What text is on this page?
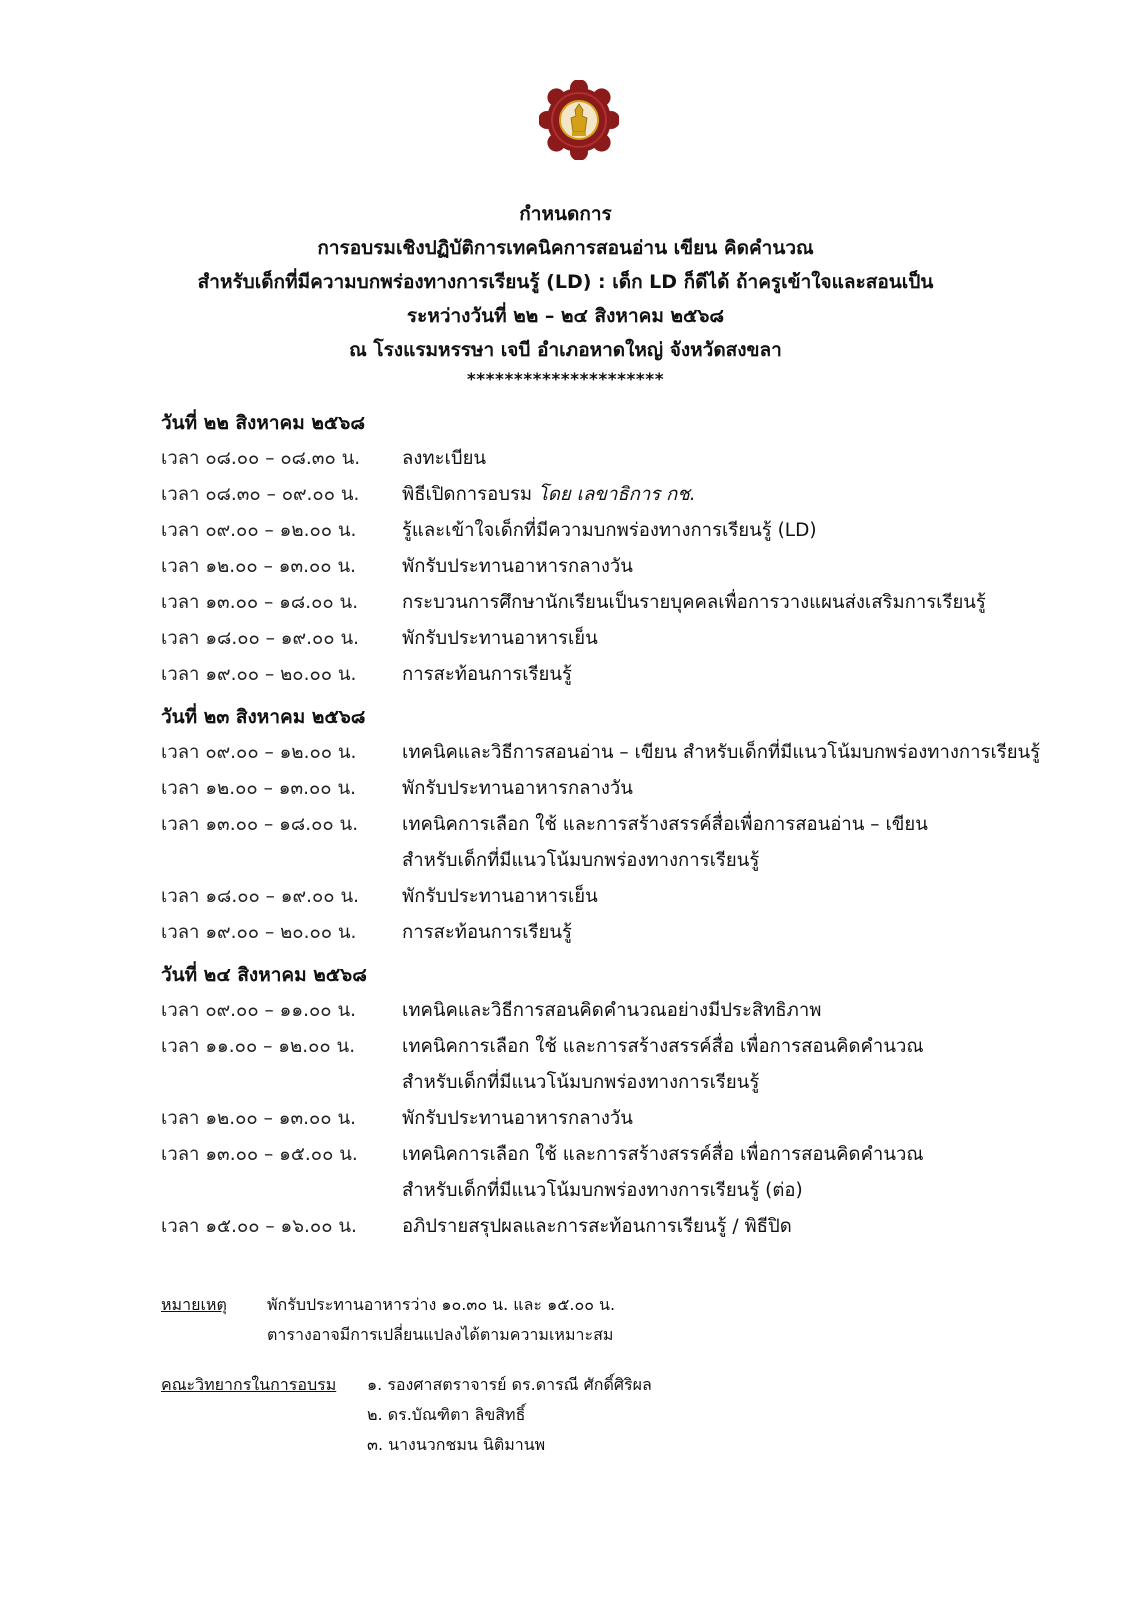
กำหนดการ
การอบรมเชิงปฏิบัติการเทคนิคการสอนอ่าน เขียน คิดคำนวณ
สำหรับเด็กที่มีความบกพร่องทางการเรียนรู้ (LD) : เด็ก LD ก็ดีได้ ถ้าครูเข้าใจและสอนเป็น
ระหว่างวันที่ ๒๒ – ๒๔ สิงหาคม ๒๕๖๘
ณ โรงแรมหรรษา เจบี อำเภอหาดใหญ่ จังหวัดสงขลา
*********************
วันที่ ๒๒ สิงหาคม ๒๕๖๘
เวลา ๐๘.๐๐ – ๐๘.๓๐ น.	ลงทะเบียน
เวลา ๐๘.๓๐ – ๐๙.๐๐ น.	พิธีเปิดการอบรม โดย เลขาธิการ กช.
เวลา ๐๙.๐๐ – ๑๒.๐๐ น.	รู้และเข้าใจเด็กที่มีความบกพร่องทางการเรียนรู้ (LD)
เวลา ๑๒.๐๐ – ๑๓.๐๐ น.	พักรับประทานอาหารกลางวัน
เวลา ๑๓.๐๐ – ๑๘.๐๐ น.	กระบวนการศึกษานักเรียนเป็นรายบุคคลเพื่อการวางแผนส่งเสริมการเรียนรู้
เวลา ๑๘.๐๐ – ๑๙.๐๐ น.	พักรับประทานอาหารเย็น
เวลา ๑๙.๐๐ – ๒๐.๐๐ น.	การสะท้อนการเรียนรู้
วันที่ ๒๓ สิงหาคม ๒๕๖๘
เวลา ๐๙.๐๐ – ๑๒.๐๐ น.	เทคนิคและวิธีการสอนอ่าน – เขียน สำหรับเด็กที่มีแนวโน้มบกพร่องทางการเรียนรู้
เวลา ๑๒.๐๐ – ๑๓.๐๐ น.	พักรับประทานอาหารกลางวัน
เวลา ๑๓.๐๐ – ๑๘.๐๐ น.	เทคนิคการเลือก ใช้ และการสร้างสรรค์สื่อเพื่อการสอนอ่าน – เขียน
สำหรับเด็กที่มีแนวโน้มบกพร่องทางการเรียนรู้
เวลา ๑๘.๐๐ – ๑๙.๐๐ น.	พักรับประทานอาหารเย็น
เวลา ๑๙.๐๐ – ๒๐.๐๐ น.	การสะท้อนการเรียนรู้
วันที่ ๒๔ สิงหาคม ๒๕๖๘
เวลา ๐๙.๐๐ – ๑๑.๐๐ น.	เทคนิคและวิธีการสอนคิดคำนวณอย่างมีประสิทธิภาพ
เวลา ๑๑.๐๐ – ๑๒.๐๐ น.	เทคนิคการเลือก ใช้ และการสร้างสรรค์สื่อ เพื่อการสอนคิดคำนวณ
สำหรับเด็กที่มีแนวโน้มบกพร่องทางการเรียนรู้
เวลา ๑๒.๐๐ – ๑๓.๐๐ น.	พักรับประทานอาหารกลางวัน
เวลา ๑๓.๐๐ – ๑๕.๐๐ น.	เทคนิคการเลือก ใช้ และการสร้างสรรค์สื่อ เพื่อการสอนคิดคำนวณ
สำหรับเด็กที่มีแนวโน้มบกพร่องทางการเรียนรู้ (ต่อ)
เวลา ๑๕.๐๐ – ๑๖.๐๐ น.	อภิปรายสรุปผลและการสะท้อนการเรียนรู้ / พิธีปิด
หมายเหตุ	พักรับประทานอาหารว่าง ๑๐.๓๐ น. และ ๑๕.๐๐ น.
ตารางอาจมีการเปลี่ยนแปลงได้ตามความเหมาะสม
คณะวิทยากรในการอบรม	๑. รองศาสตราจารย์ ดร.ดารณี ศักดิ์ศิริผล
๒. ดร.บัณฑิตา ลิขสิทธิ์
๓. นางนวกชมน นิติมานพ
